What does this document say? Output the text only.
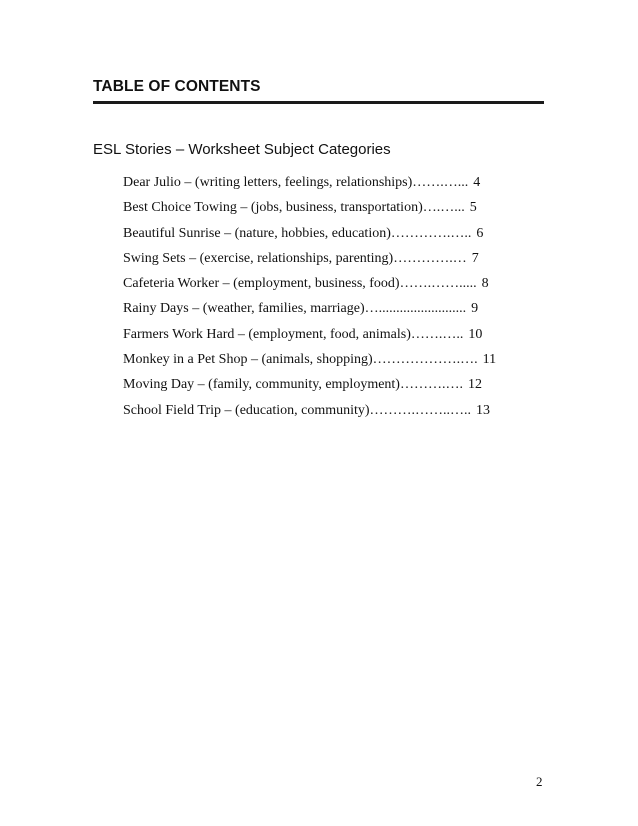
TABLE OF CONTENTS
ESL Stories – Worksheet Subject Categories
Dear Julio – (writing letters, feelings, relationships)…….…... 4
Best Choice Towing – (jobs, business, transportation)….…... 5
Beautiful Sunrise – (nature, hobbies, education)………….….. 6
Swing Sets – (exercise, relationships, parenting)………….… 7
Cafeteria Worker – (employment, business, food)…….……..... 8
Rainy Days – (weather, families, marriage)…......................... 9
Farmers Work Hard – (employment, food, animals)…….….. 10
Monkey in a Pet Shop – (animals, shopping)……………….…. 11
Moving Day – (family, community, employment)……….…. 12
School Field Trip – (education, community)……….……..….. 13
2
